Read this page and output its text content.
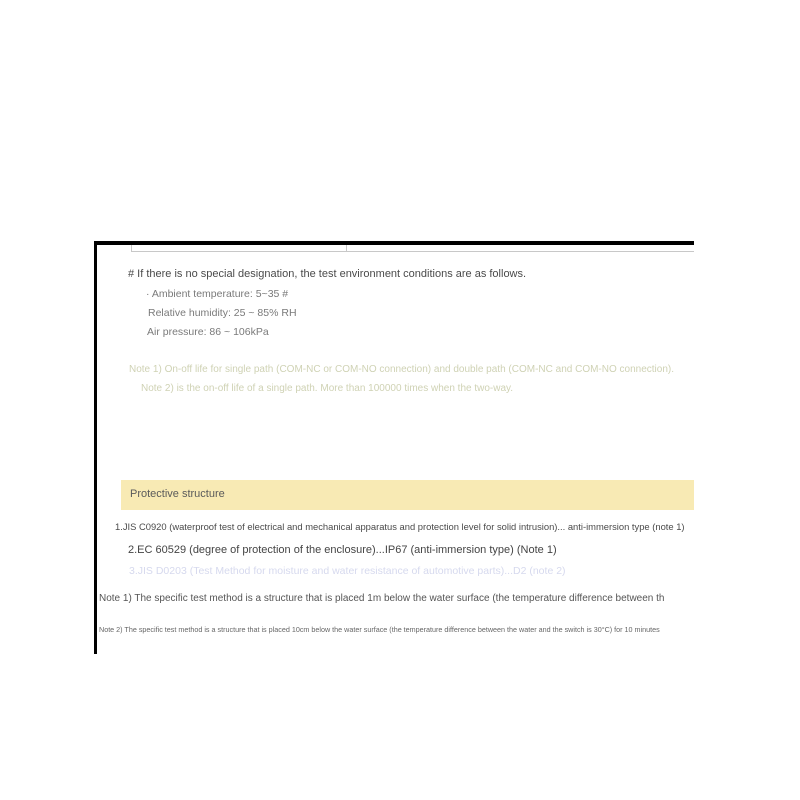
# If there is no special designation, the test environment conditions are as follows.
· Ambient temperature: 5~35 #
Relative humidity: 25 ~ 85% RH
Air pressure: 86 ~ 106kPa
Note 1) On-off life for single path (COM-NC or COM-NO connection) and double path (COM-NC and COM-NO connection).
Note 2) is the on-off life of a single path. More than 100000 times when the two-way.
Protective structure
1.JIS C0920 (waterproof test of electrical and mechanical apparatus and protection level for solid intrusion)... anti-immersion type (note 1)
2.EC 60529 (degree of protection of the enclosure)...IP67 (anti-immersion type) (Note 1)
3.JIS D0203 (Test Method for moisture and water resistance of automotive parts)...D2 (note 2)
Note 1) The specific test method is a structure that is placed 1m below the water surface (the temperature difference between th
Note 2) The specific test method is a structure that is placed 10cm below the water surface (the temperature difference between the water and the switch is 30°C) for 10 minutes
